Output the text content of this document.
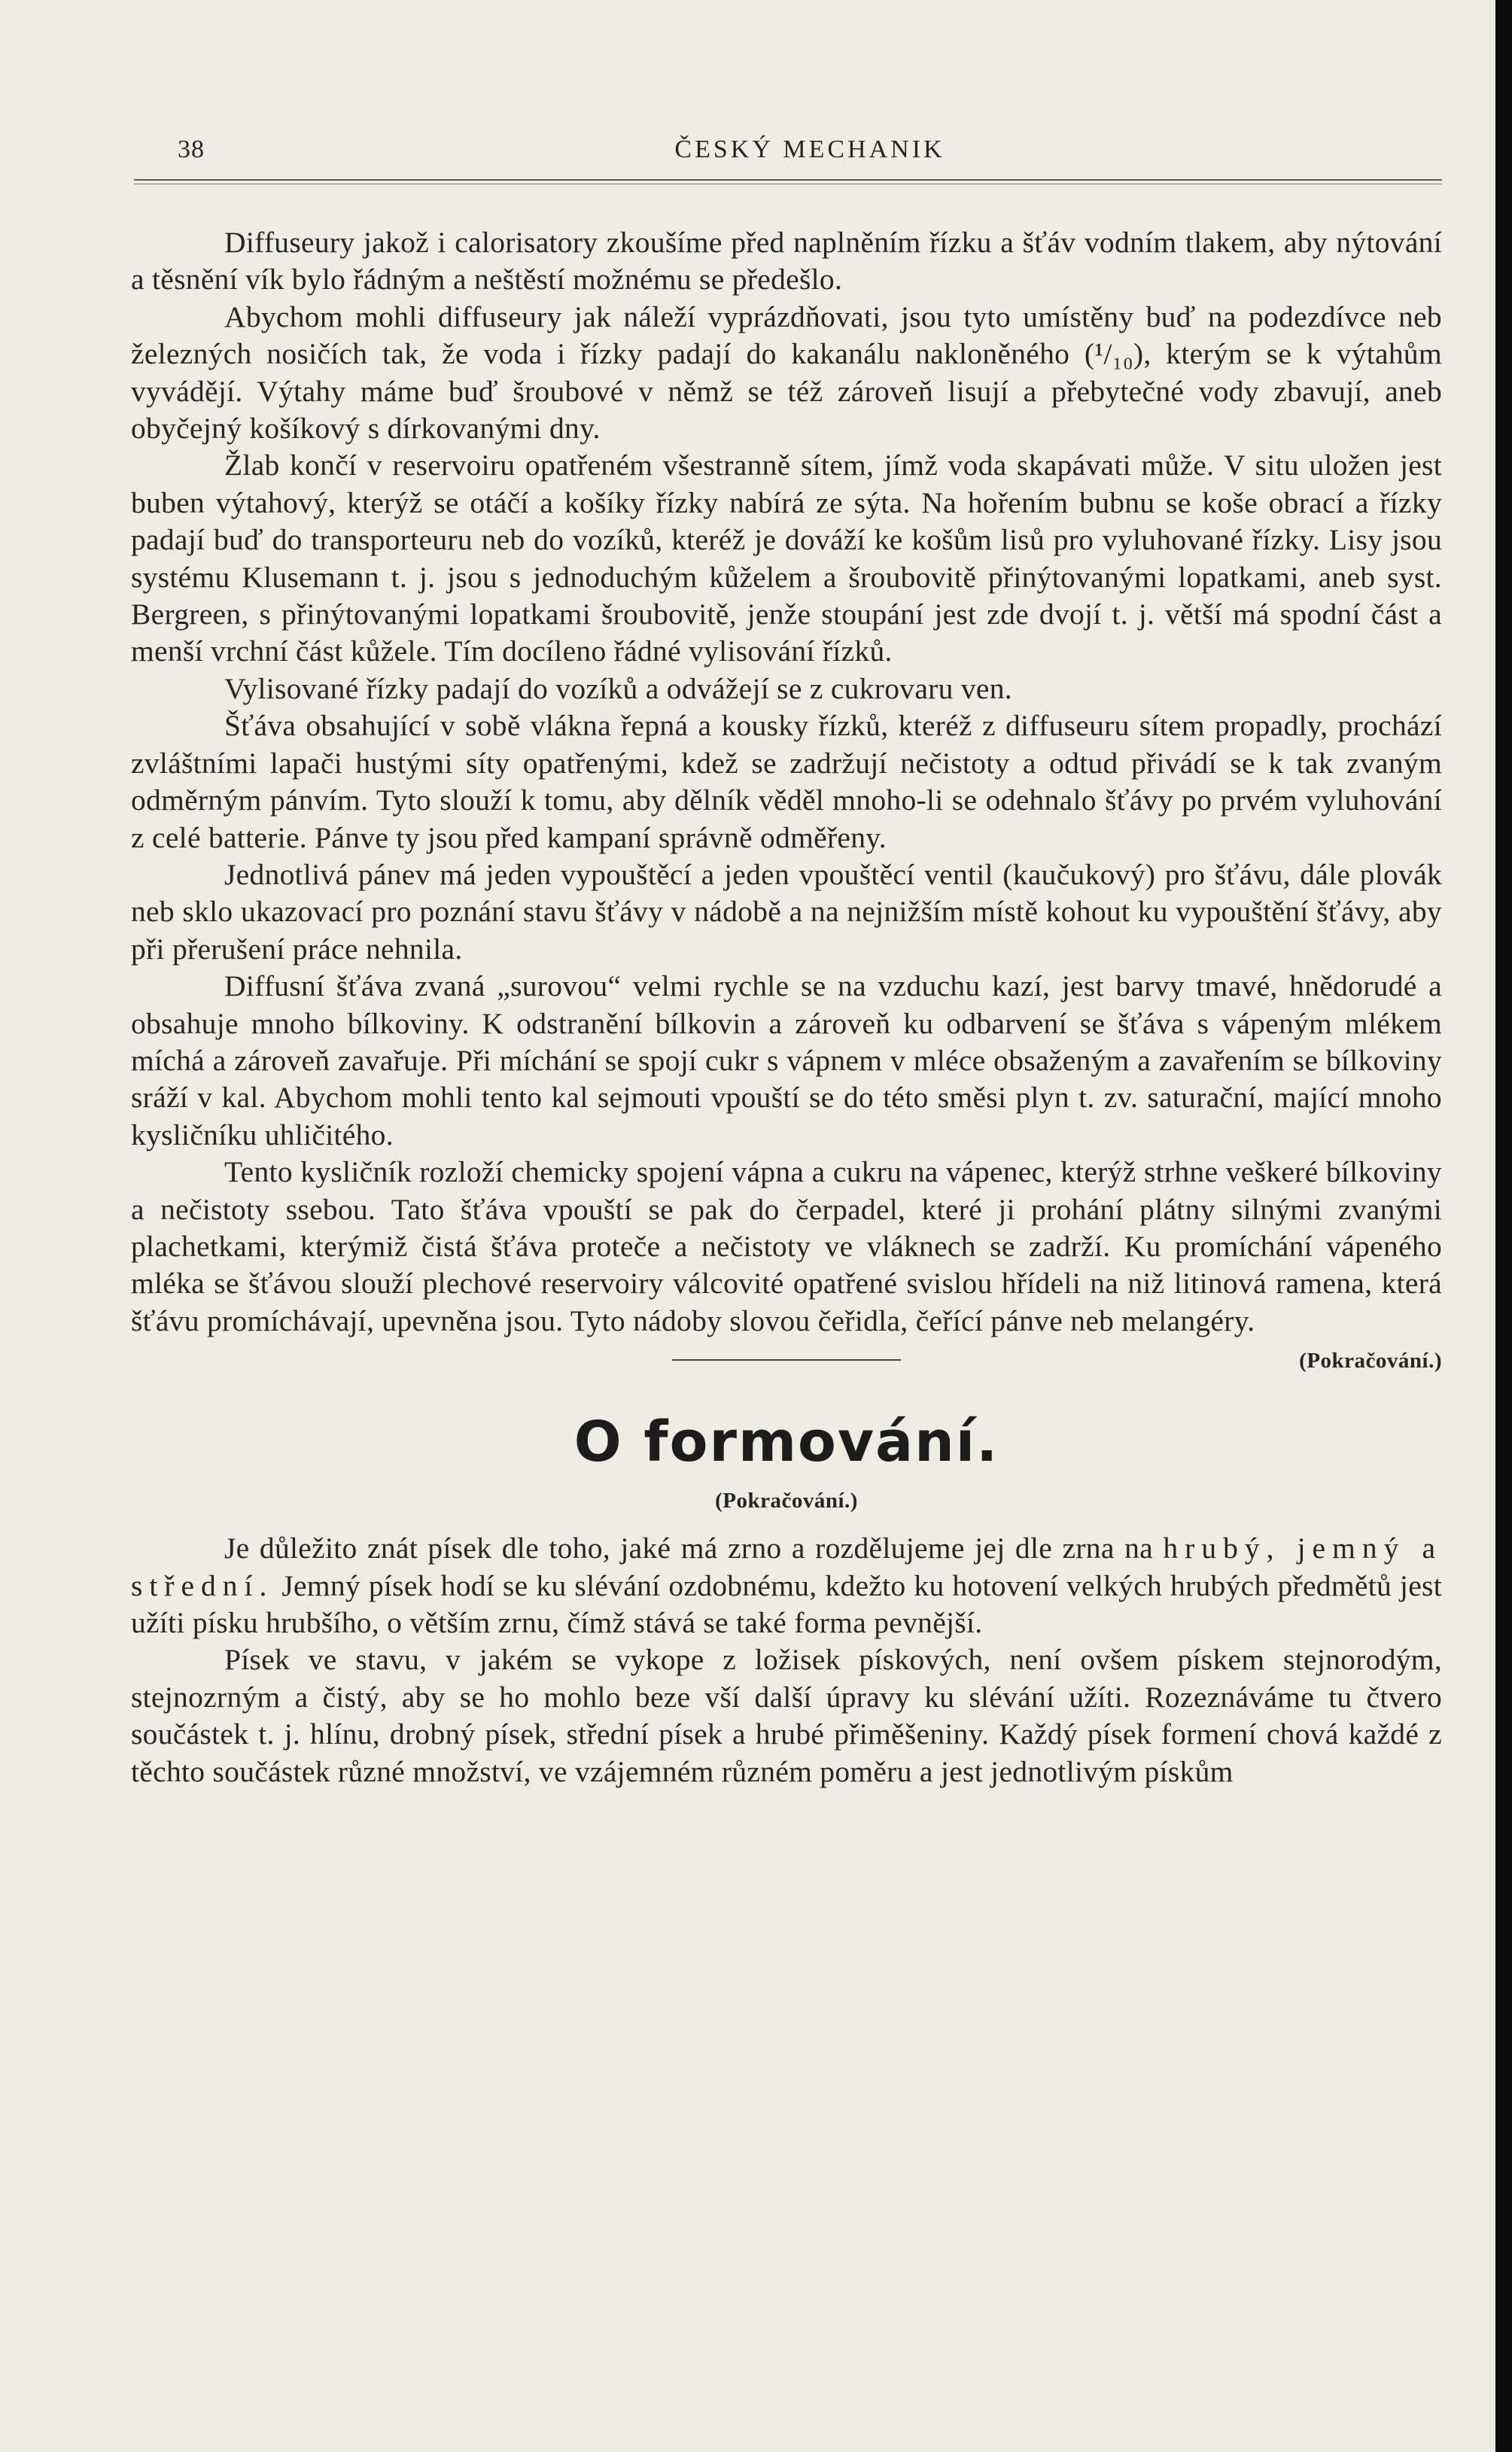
ČESKÝ MECHANIK
38

Diffuseury jakož i calorisatory zkoušíme před naplněním řízku a šťáv vodním tlakem, aby nýtování a těsnění vík bylo řádným a neštěstí možnému se předešlo.

Abychom mohli diffuseury jak náleží vyprázdňovati, jsou tyto umístěny buď na podezdívce neb železných nosičích tak, že voda i řízky padají do kakanálu nakloněného (¹/₁₀), kterým se k výtahům vyvádějí. Výtahy máme buď šroubové v němž se též zároveň lisují a přebytečné vody zbavují, aneb obyčejný košíkový s dírkovanými dny.

Žlab končí v reservoiru opatřeném všestranně sítem, jímž voda skapávati může. V situ uložen jest buben výtahový, kterýž se otáčí a košíky řízky nabírá ze sýta. Na hořením bubnu se koše obrací a řízky padají buď do transporteuru neb do vozíků, kteréž je dováží ke košům lisů pro vyluhované řízky. Lisy jsou systému Klusemann t. j. jsou s jednoduchým kůželem a šroubovitě přinýtovanými lopatkami, aneb syst. Bergreen, s přinýtovanými lopatkami šroubovitě, jenže stoupání jest zde dvojí t. j. větší má spodní část a menší vrchní část kůžele. Tím docíleno řádné vylisování řízků.

Vylisované řízky padají do vozíků a odvážejí se z cukrovaru ven.

Šťáva obsahující v sobě vlákna řepná a kousky řízků, kteréž z diffuseuru sítem propadly, prochází zvláštními lapači hustými síty opatřenými, kdež se zadržují nečistoty a odtud přivádí se k tak zvaným odměrným pánvím. Tyto slouží k tomu, aby dělník věděl mnoho-li se odehnalo šťávy po prvém vyluhování z celé batterie. Pánve ty jsou před kampaní správně odměřeny.

Jednotlivá pánev má jeden vypouštěcí a jeden vpouštěcí ventil (kaučukový) pro šťávu, dále plovák neb sklo ukazovací pro poznání stavu šťávy v nádobě a na nejnižším místě kohout ku vypouštění šťávy, aby při přerušení práce nehnila.

Diffusní šťáva zvaná „surovou“ velmi rychle se na vzduchu kazí, jest barvy tmavé, hnědorudé a obsahuje mnoho bílkoviny. K odstranění bílkovin a zároveň ku odbarvení se šťáva s vápeným mlékem míchá a zároveň zavařuje. Při míchání se spojí cukr s vápnem v mléce obsaženým a zavařením se bílkoviny sráží v kal. Abychom mohli tento kal sejmouti vpouští se do této směsi plyn t. zv. saturační, mající mnoho kysličníku uhličitého.

Tento kysličník rozloží chemicky spojení vápna a cukru na vápenec, kterýž strhne veškeré bílkoviny a nečistoty ssebou. Tato šťáva vpouští se pak do čerpadel, které ji prohání plátny silnými zvanými plachetkami, kterýmiž čistá šťáva proteče a nečistoty ve vláknech se zadrží. Ku promíchání vápeného mléka se šťávou slouží plechové reservoiry válcovité opatřené svislou hřídeli na niž litinová ramena, která šťávu promíchávají, upevněna jsou. Tyto nádoby slovou čeřidla, čeřící pánve neb melangéry.
(Pokračování.)

O formování.
(Pokračování.)

Je důležito znát písek dle toho, jaké má zrno a rozdělujeme jej dle zrna na hrubý, jemný a střední. Jemný písek hodí se ku slévání ozdobnému, kdežto ku hotovení velkých hrubých předmětů jest užíti písku hrubšího, o větším zrnu, čímž stává se také forma pevnější.

Písek ve stavu, v jakém se vykope z ložisek pískových, není ovšem pískem stejnorodým, stejnozrným a čistý, aby se ho mohlo beze vší další úpravy ku slévání užíti. Rozeznáváme tu čtvero součástek t. j. hlínu, drobný písek, střední písek a hrubé přiměšeniny. Každý písek formení chová každé z těchto součástek různé množství, ve vzájemném různém poměru a jest jednotlivým pískům
